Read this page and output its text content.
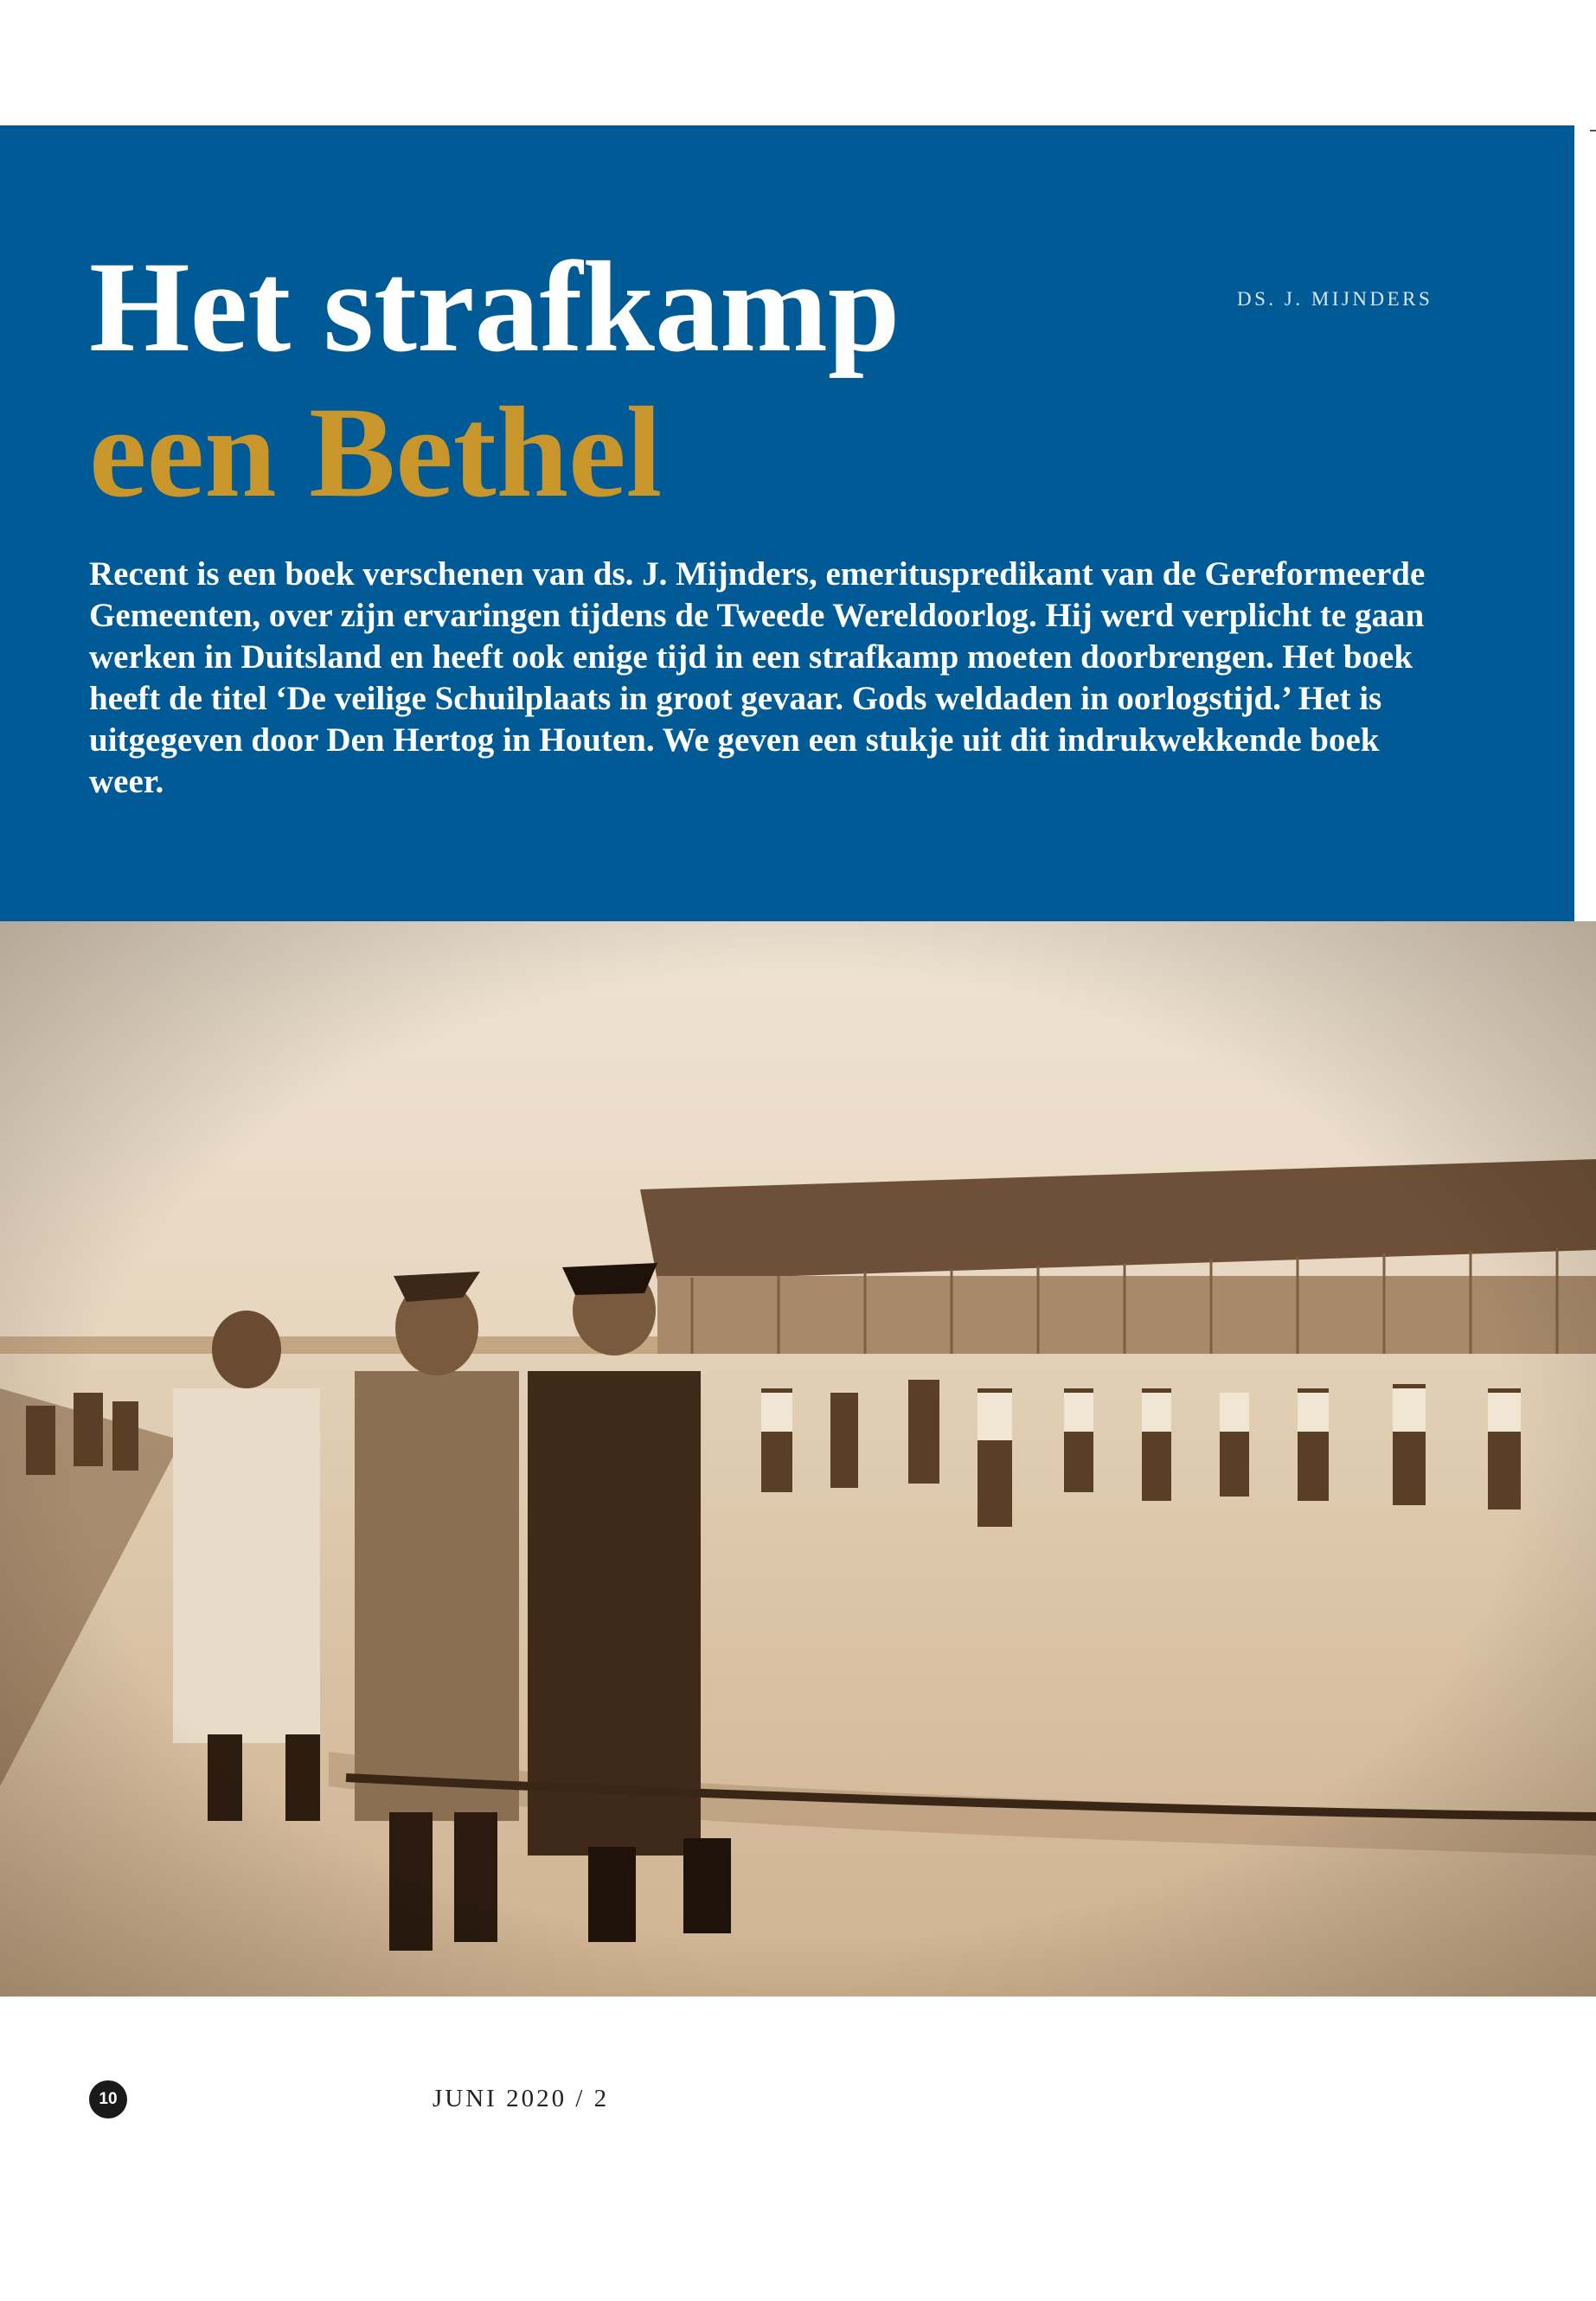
Het strafkamp
een Bethel
DS. J. MIJNDERS

Recent is een boek verschenen van ds. J. Mijnders, emerituspredikant van de Gereformeerde Gemeenten, over zijn ervaringen tijdens de Tweede Wereldoorlog. Hij werd verplicht te gaan werken in Duitsland en heeft ook enige tijd in een strafkamp moeten doorbrengen. Het boek heeft de titel ‘De veilige Schuilplaats in groot gevaar. Gods weldaden in oorlogstijd.’ Het is uitgegeven door Den Hertog in Houten. We geven een stukje uit dit indrukwekkende boek weer.

10	JUNI 2020 / 2
